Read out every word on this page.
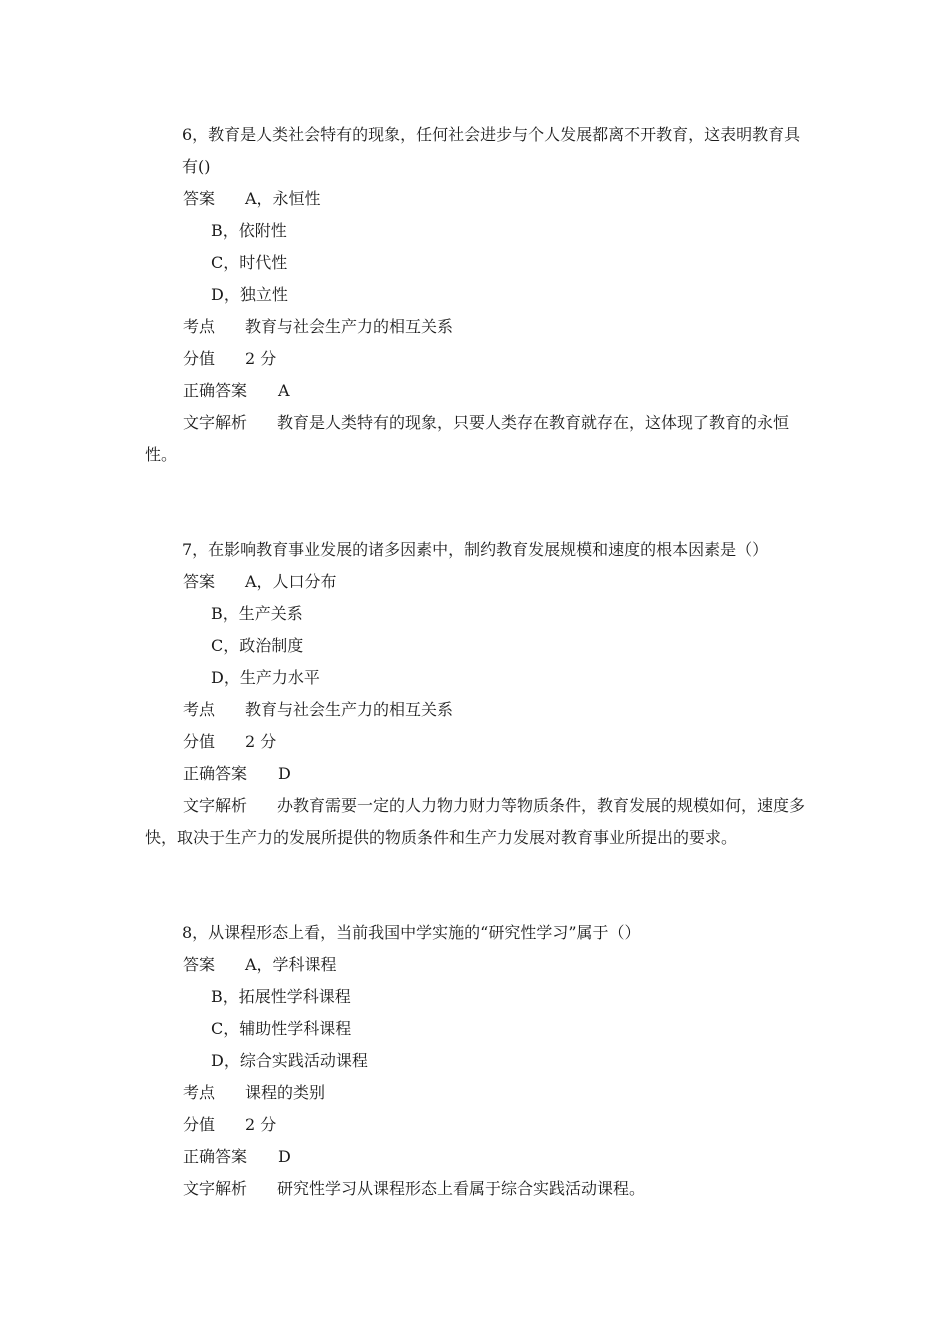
6，教育是人类社会特有的现象，任何社会进步与个人发展都离不开教育，这表明教育具有()
答案 A，永恒性
B，依附性
C，时代性
D，独立性
考点 教育与社会生产力的相互关系
分值 2 分
正确答案 A
文字解析 教育是人类特有的现象，只要人类存在教育就存在，这体现了教育的永恒性。
7，在影响教育事业发展的诸多因素中，制约教育发展规模和速度的根本因素是（）
答案 A，人口分布
B，生产关系
C，政治制度
D，生产力水平
考点 教育与社会生产力的相互关系
分值 2 分
正确答案 D
文字解析 办教育需要一定的人力物力财力等物质条件，教育发展的规模如何，速度多快，取决于生产力的发展所提供的物质条件和生产力发展对教育事业所提出的要求。
8，从课程形态上看，当前我国中学实施的“研究性学习”属于（）
答案 A，学科课程
B，拓展性学科课程
C，辅助性学科课程
D，综合实践活动课程
考点 课程的类别
分值 2 分
正确答案 D
文字解析 研究性学习从课程形态上看属于综合实践活动课程。
